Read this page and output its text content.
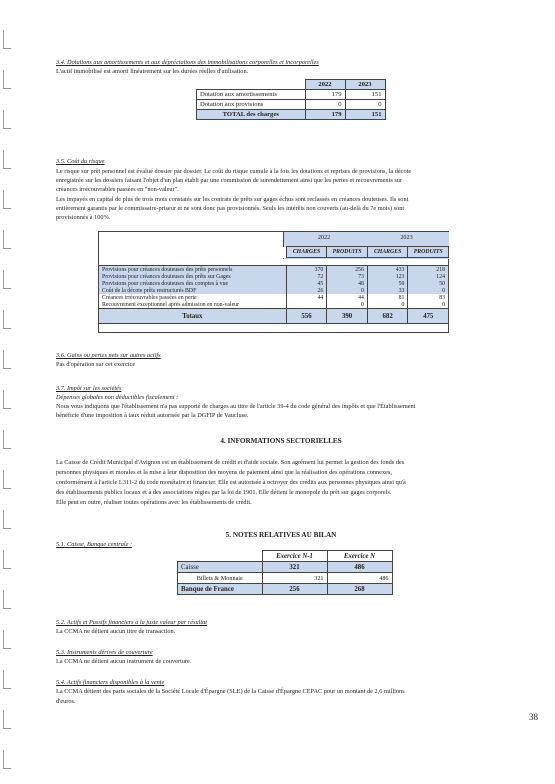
3.4. Dotations aux amortissements et aux dépréciations des immobilisations corporelles et incorporelles
L'actif immobilisé est amorti linéairement sur les durées réelles d'utilisation.
	2022	2023
Dotation aux amortissements	179	151
Dotation aux provisions	0	0
TOTAL des charges	179	151
3.5. Coût du risque
Le risque sur prêt personnel est évalué dossier par dossier. Le coût du risque cumule à la fois les dotations et reprises de provisions, la décote
enregistrée sur les dossiers faisant l'objet d'un plan établi par une commission de surendettement ainsi que les pertes et recouvrements sur
créances irrécouvrables passées en "non-valeur".
Les impayés en capital de plus de trois mois constatés sur les contrats de prêts sur gages échus sont reclassés en créances douteuses. Ils sont
entièrement garantis par le commissaire-priseur et ne sont donc pas provisionnés. Seuls les intérêts non couverts (au-delà du 7e mois) sont
provisionnés à 100%.
2022	2023
	CHARGES	PRODUITS	CHARGES	PRODUITS

Provisions pour créances douteuses des prêts personnels	370	256	433	218
Provisions pour créances douteuses des prêts sur Gages	72	73	123	124
Provisions pour créances douteuses des comptes à vue	45	48	50	50
Coût de la décote prêts restructurés BDF	26	0	33	0
Créances irrécouvrables passées en perte	44	44	81	83
Recouvrement exceptionnel après admission en non-valeur		0	0	0
Totaux	556	390	682	475
3.6. Gains ou pertes nets sur autres actifs
Pas d'opération sur cet exercice
3.7. Impôt sur les sociétés
Dépenses globales non déductibles fiscalement :
Nous vous indiquons que l'établissement n'a pas supporté de charges au titre de l'article 39-4 du code général des impôts et que l'Établissement
bénéficie d'une imposition à taux réduit autorisée par la DGFIP de Vaucluse.
4. INFORMATIONS SECTORIELLES
La Caisse de Crédit Municipal d'Avignon est un établissement de crédit et d'aide sociale. Son agrément lui permet la gestion des fonds des
personnes physiques et morales et la mise à leur disposition des moyens de paiement ainsi que la réalisation des opérations connexes,
conformément à l'article L311-2 du code monétaire et financier. Elle est autorisée à octroyer des crédits aux personnes physiques ainsi qu'à
des établissements publics locaux et à des associations régies par la loi de 1901. Elle détient le monopole du prêt sur gages corporels.
Elle peut en outre, réaliser toutes opérations avec les établissements de crédit.
5. NOTES RELATIVES AU BILAN
5.1. Caisse, Banque centrale :
	Exercice N-1	Exercice N
Caisse	321	486
Billets & Monnaie	321	486
Banque de France	256	268
5.2. Actifs et Passifs financiers à la juste valeur par résultat
La CCMA ne détient aucun titre de transaction.
5.3. Instruments dérivés de couverture
La CCMA ne détient aucun instrument de couverture.
5.4. Actifs financiers disponibles à la vente
La CCMA détient des parts sociales de la Société Locale d'Épargne (SLE) de la Caisse d'Épargne CEPAC pour un montant de 2,6 millions
d'euros.
38
